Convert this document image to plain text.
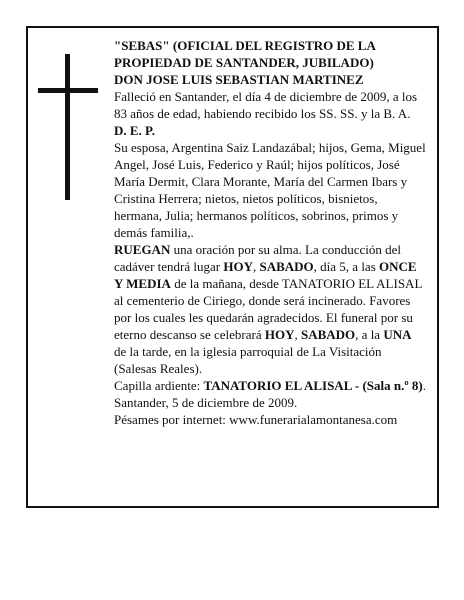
"SEBAS" (OFICIAL DEL REGISTRO DE LA PROPIEDAD DE SANTANDER, JUBILADO)

DON JOSE LUIS SEBASTIAN MARTINEZ

Falleció en Santander, el día 4 de diciembre de 2009, a los 83 años de edad, habiendo recibido los SS. SS. y la B. A.

D. E. P.

Su esposa, Argentina Saiz Landazábal; hijos, Gema, Miguel Angel, José Luis, Federico y Raúl; hijos políticos, José María Dermit, Clara Morante, María del Carmen Ibars y Cristina Herrera; nietos, nietos políticos, bisnietos, hermana, Julia; hermanos políticos, sobrinos, primos y demás familia,.

RUEGAN una oración por su alma. La conducción del cadáver tendrá lugar HOY, SABADO, día 5, a las ONCE Y MEDIA de la mañana, desde TANATORIO EL ALISAL al cementerio de Ciriego, donde será incinerado. Favores por los cuales les quedarán agradecidos. El funeral por su eterno descanso se celebrará HOY, SABADO, a la UNA de la tarde, en la iglesia parroquial de La Visitación (Salesas Reales).

Capilla ardiente: TANATORIO EL ALISAL - (Sala n.º 8).

Santander, 5 de diciembre de 2009.

Pésames por internet: www.funerarialamontanesa.com
